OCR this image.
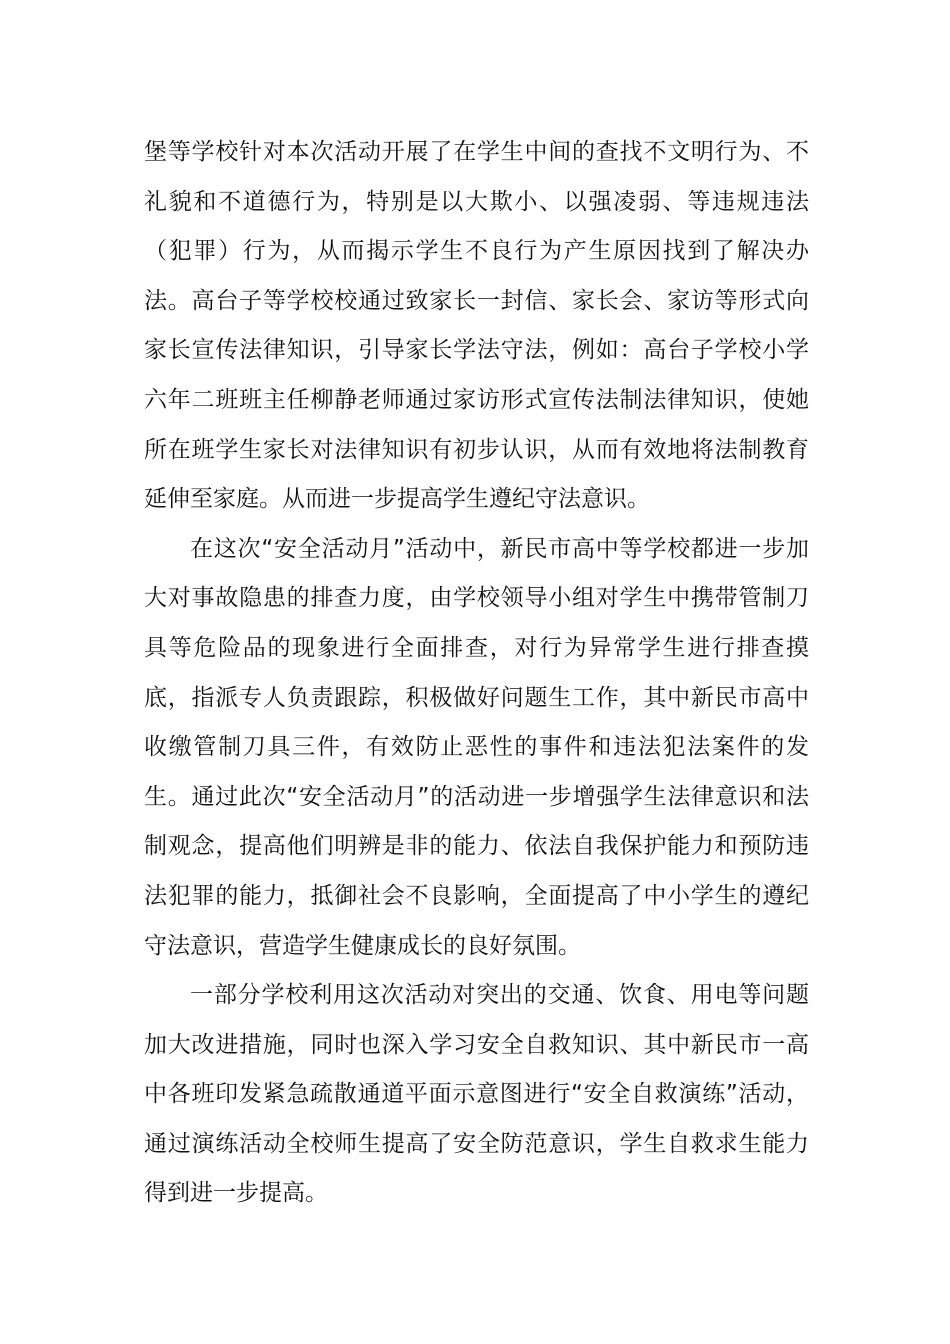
堡等学校针对本次活动开展了在学生中间的查找不文明行为、不礼貌和不道德行为，特别是以大欺小、以强凌弱、等违规违法（犯罪）行为，从而揭示学生不良行为产生原因找到了解决办法。高台子等学校校通过致家长一封信、家长会、家访等形式向家长宣传法律知识，引导家长学法守法，例如：高台子学校小学六年二班班主任柳静老师通过家访形式宣传法制法律知识，使她所在班学生家长对法律知识有初步认识，从而有效地将法制教育延伸至家庭。从而进一步提高学生遵纪守法意识。

在这次“安全活动月”活动中，新民市高中等学校都进一步加大对事故隐患的排查力度，由学校领导小组对学生中携带管制刀具等危险品的现象进行全面排查，对行为异常学生进行排查摸底，指派专人负责跟踪，积极做好问题生工作，其中新民市高中收缴管制刀具三件，有效防止恶性的事件和违法犯法案件的发生。通过此次“安全活动月”的活动进一步增强学生法律意识和法制观念，提高他们明辨是非的能力、依法自我保护能力和预防违法犯罪的能力，抵御社会不良影响，全面提高了中小学生的遵纪守法意识，营造学生健康成长的良好氛围。

一部分学校利用这次活动对突出的交通、饮食、用电等问题加大改进措施，同时也深入学习安全自救知识、其中新民市一高中各班印发紧急疏散通道平面示意图进行“安全自救演练”活动，通过演练活动全校师生提高了安全防范意识，学生自救求生能力得到进一步提高。
